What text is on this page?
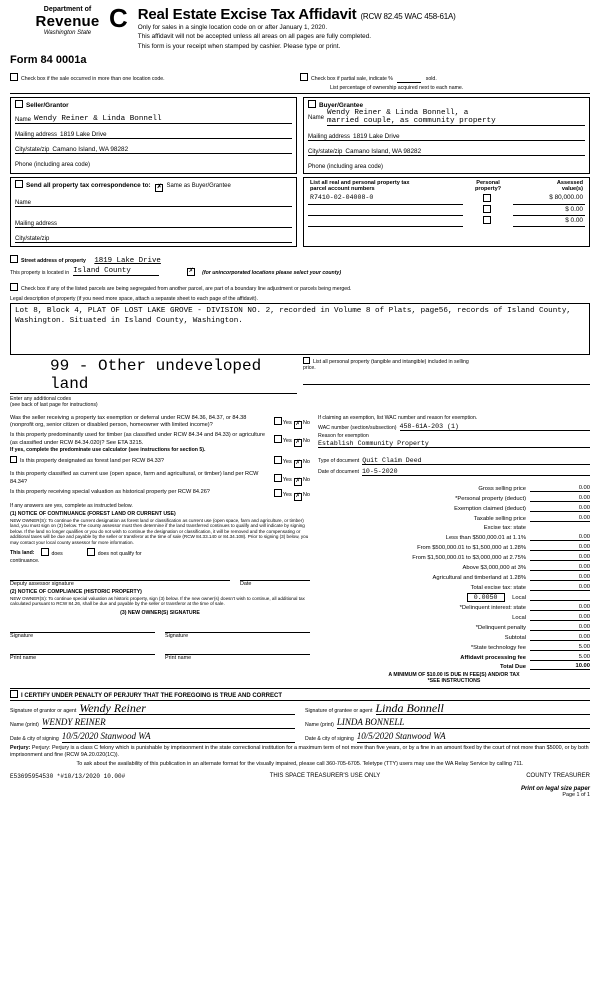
Department of
Revenue
Washington State
C Real Estate Excise Tax Affidavit (RCW 82.45 WAC 458-61A)
Only for sales in a single location code on or after January 1, 2020.
This affidavit will not be accepted unless all areas on all pages are fully completed.
This form is your receipt when stamped by cashier. Please type or print.
Form 84 0001a
Check box if the sale occurred in more than one location code.	Check box if partial sale, indicate %	sold.
List percentage of ownership acquired next to each name.
Seller/Grantor
Name Wendy Reiner & Linda Bonnell
Mailing address 1819 Lake Drive
City/state/zip Camano Island, WA 98282
Phone (including area code)
Buyer/Grantee
Name
Wendy Reiner & Linda Bonnell, a
married couple, as community property
Mailing address 1819 Lake Drive
City/state/zip Camano Island, WA 98282
Phone (including area code)
Send all property tax correspondence to: ✗	Same as Buyer/Grantee
Name
Mailing address
City/state/zip
List all real and personal property tax
parcel account numbers	Personal
property?	Assessed
value(s)
R7410-02-04008-0		$ 80,000.00
		$ 0.00
		$ 0.00
Street address of property 1819 Lake Drive
This property is located in Island County ✗	(for unincorporated locations please select your county)
Check box if any of the listed parcels are being segregated from another parcel, are part of a boundary line adjustment or parcels being merged.
Legal description of property (if you need more space, attach a separate sheet to each page of the affidavit).
Lot 8, Block 4, PLAT OF LOST LAKE GROVE - DIVISION NO. 2, recorded in Volume 8 of Plats, page56, records of Island County, Washington. Situated in Island County, Washington.
99 - Other undeveloped land
Enter any additional codes
(see back of last page for instructions)
List all personal property (tangible and intangible) included in selling
price.
Was the seller receiving a property tax exemption or deferral under RCW 84.36, 84.37, or 84.38 (nonprofit org, senior citizen or disabled person, homeowner with limited income)?	Yes ✗ No
Is this property predominantly used for timber (as classified under RCW 84.34 and 84.33) or agriculture (as classified under RCW 84.34.020)? See ETA 3215.	Yes ✗ No
If yes, complete the predominate use calculator (see instructions for section 5).
Is this property designated as forest land per RCW 84.33?	Yes ✗ No
Is this property classified as current use (open space, farm and agricultural, or timber) land per RCW 84.34?	Yes ✗ No
Is this property receiving special valuation as historical property per RCW 84.26?	Yes ✗ No
If any answers are yes, complete as instructed below.
(1) NOTICE OF CONTINUANCE (FOREST LAND OR CURRENT USE)
NEW OWNER(S): To continue the current designation as forest land or classification as current use (open space, farm and agriculture, or timber) land, you must sign on (3) below. The county assessor must then determine if the land transferred continues to qualify and will indicate by signing below. If the land no longer qualifies or you do not wish to continue the designation or classification, it will be removed and the compensating or additional taxes will be due and payable by the seller or transferor at the time of sale (RCW 84.33.140 or 84.34.108). Prior to signing (3) below, you may contact your local county assessor for more information.
This land:	does	does not qualify for
continuance.
Deputy assessor signature	Date
(2) NOTICE OF COMPLIANCE (HISTORIC PROPERTY)
NEW OWNER(S): To continue special valuation as historic property, sign (3) below. If the new owner(s) doesn't wish to continue, all additional tax calculated pursuant to RCW 84.26, shall be due and payable by the seller or transferor at the time of sale.
(3) NEW OWNER(S) SIGNATURE
Signature	Signature
Print name	Print name
If claiming an exemption, list WAC number and reason for exemption.
WAC number (section/subsection) 458-61A-203 (1)
Reason for exemption
Establish Community Property
Type of document Quit Claim Deed
Date of document 10-5-2020
Gross selling price	0.00
*Personal property (deduct)	0.00
Exemption claimed (deduct)	0.00
Taxable selling price	0.00
Excise tax: state
Less than $500,000.01 at 1.1%	0.00
From $500,000.01 to $1,500,000 at 1.28%	0.00
From $1,500,000.01 to $3,000,000 at 2.75%	0.00
Above $3,000,000 at 3%	0.00
Agricultural and timberland at 1.28%	0.00
Total excise tax: state	0.00
0.0050	Local

*Delinquent interest: state	0.00
Local	0.00
*Delinquent penalty	0.00
Subtotal	0.00
*State technology fee	5.00
Affidavit processing fee	5.00
Total Due	10.00
A MINIMUM OF $10.00 IS DUE IN FEE(S) AND/OR TAX
*SEE INSTRUCTIONS
I CERTIFY UNDER PENALTY OF PERJURY THAT THE FOREGOING IS TRUE AND CORRECT
Signature of grantor or agent Wendy Reiner
Name (print) WENDY REINER
Date & city of signing 10/5/2020 Stanwood WA
Signature of grantee or agent Linda Bonnell
Name (print) LINDA BONNELL
Date & city of signing 10/5/2020 Stanwood WA
Perjury: Perjury: Perjury is a class C felony which is punishable by imprisonment in the state correctional institution for a maximum term of not more than five years, or by a fine in an amount fixed by the court of not more than $5000, or by both imprisonment and fine (RCW 9A.20.020(1C)).
To ask about the availability of this publication in an alternate format for the visually impaired, please call 360-705-6705. Teletype (TTY) users may use the WA Relay Service by calling 711.
E53695954530 *#10/13/2020 10.00#	THIS SPACE TREASURER'S USE ONLY	COUNTY TREASURER
Print on legal size paper
Page 1 of 1
